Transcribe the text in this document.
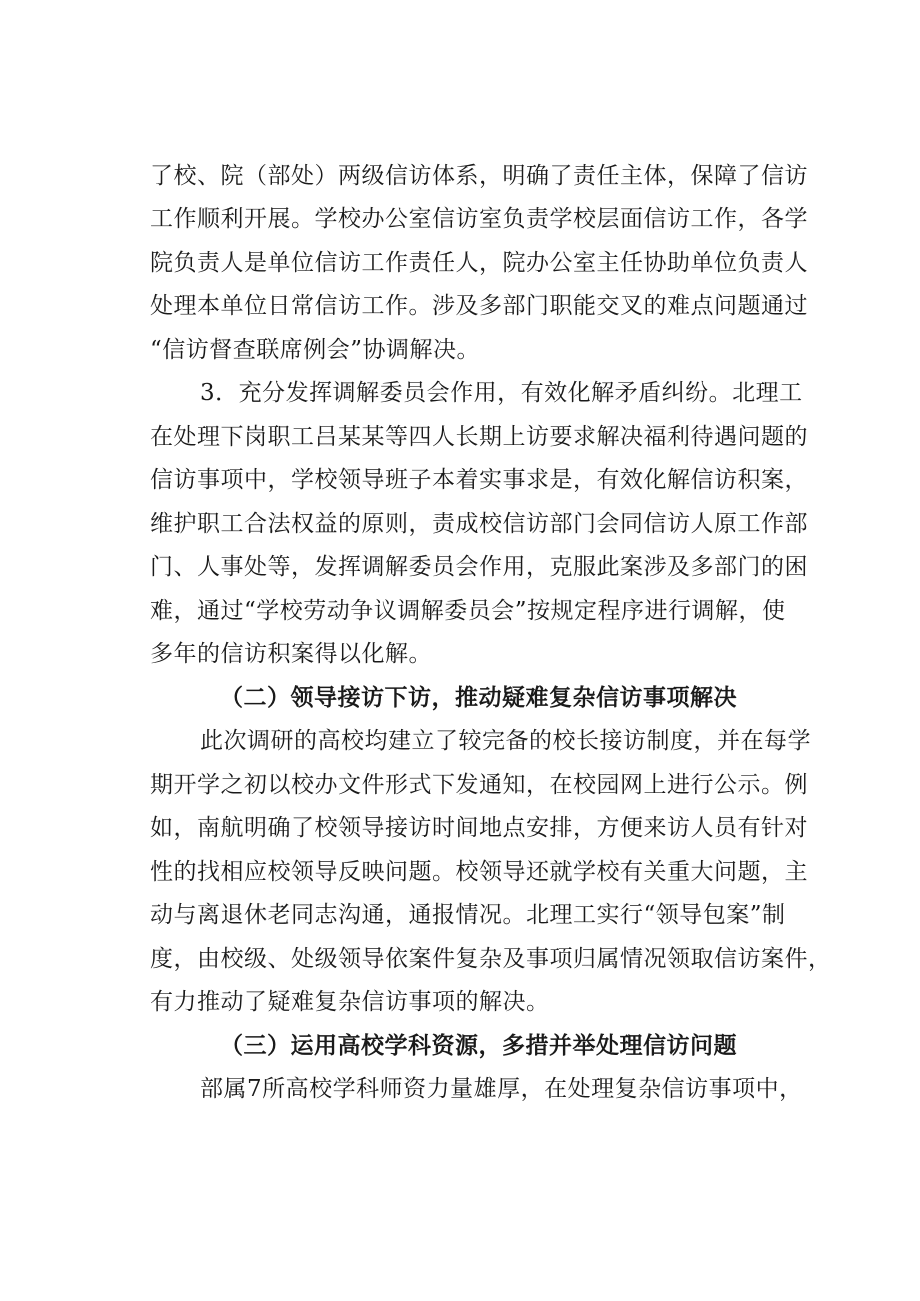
了校、院（部处）两级信访体系，明确了责任主体，保障了信访
工作顺利开展。学校办公室信访室负责学校层面信访工作，各学
院负责人是单位信访工作责任人，院办公室主任协助单位负责人
处理本单位日常信访工作。涉及多部门职能交叉的难点问题通过
“信访督查联席例会”协调解决。
3．充分发挥调解委员会作用，有效化解矛盾纠纷。北理工
在处理下岗职工吕某某等四人长期上访要求解决福利待遇问题的
信访事项中，学校领导班子本着实事求是，有效化解信访积案，
维护职工合法权益的原则，责成校信访部门会同信访人原工作部
门、人事处等，发挥调解委员会作用，克服此案涉及多部门的困
难，通过“学校劳动争议调解委员会”按规定程序进行调解，使
多年的信访积案得以化解。
（二）领导接访下访，推动疑难复杂信访事项解决
此次调研的高校均建立了较完备的校长接访制度，并在每学
期开学之初以校办文件形式下发通知，在校园网上进行公示。例
如，南航明确了校领导接访时间地点安排，方便来访人员有针对
性的找相应校领导反映问题。校领导还就学校有关重大问题，主
动与离退休老同志沟通，通报情况。北理工实行“领导包案”制
度，由校级、处级领导依案件复杂及事项归属情况领取信访案件，
有力推动了疑难复杂信访事项的解决。
（三）运用高校学科资源，多措并举处理信访问题
部属7所高校学科师资力量雄厚，在处理复杂信访事项中，
